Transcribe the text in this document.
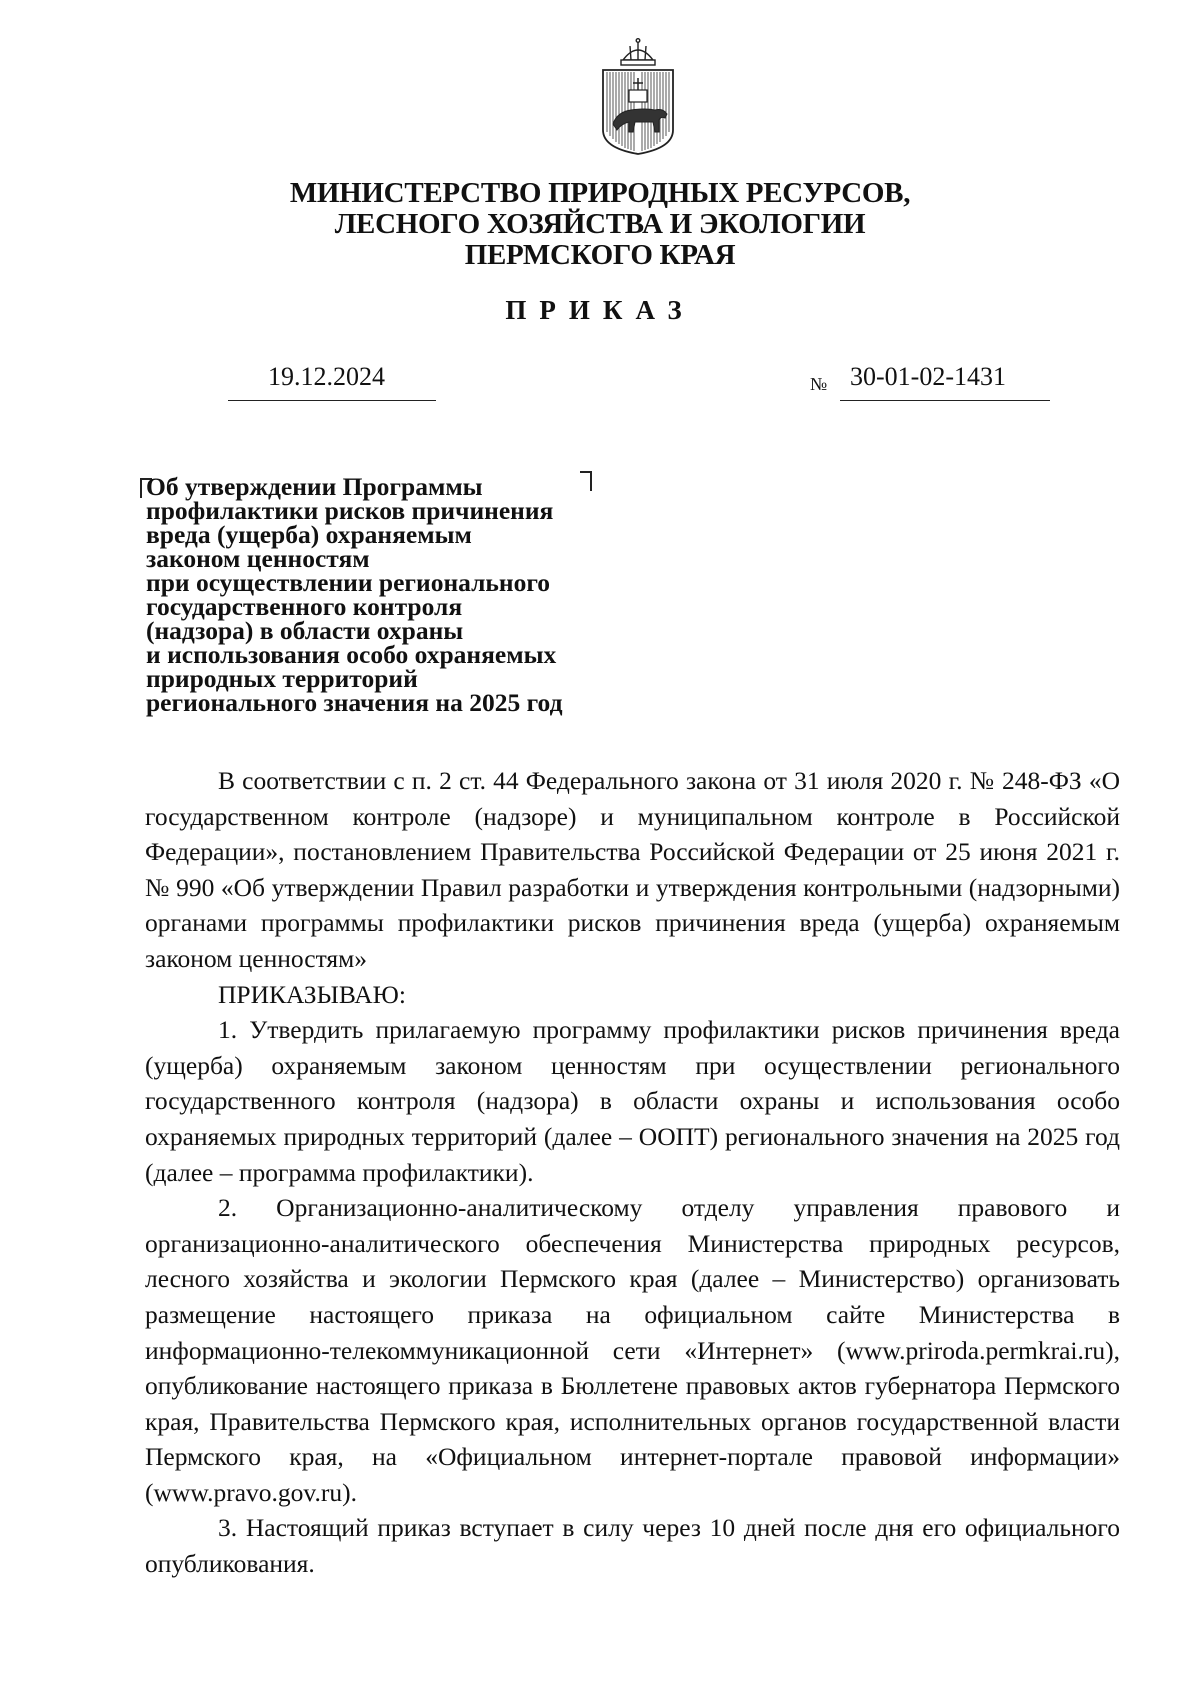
МИНИСТЕРСТВО ПРИРОДНЫХ РЕСУРСОВ,
ЛЕСНОГО ХОЗЯЙСТВА И ЭКОЛОГИИ
ПЕРМСКОГО КРАЯ
ПРИКАЗ
19.12.2024	№ 30-01-02-1431
Об утверждении Программы
профилактики рисков причинения
вреда (ущерба) охраняемым
законом ценностям
при осуществлении регионального
государственного контроля
(надзора) в области охраны
и использования особо охраняемых
природных территорий
регионального значения на 2025 год

В соответствии с п. 2 ст. 44 Федерального закона от 31 июля 2020 г. № 248-ФЗ «О государственном контроле (надзоре) и муниципальном контроле в Российской Федерации», постановлением Правительства Российской Федерации от 25 июня 2021 г. № 990 «Об утверждении Правил разработки и утверждения контрольными (надзорными) органами программы профилактики рисков причинения вреда (ущерба) охраняемым законом ценностям»

ПРИКАЗЫВАЮ:

1. Утвердить прилагаемую программу профилактики рисков причинения вреда (ущерба) охраняемым законом ценностям при осуществлении регионального государственного контроля (надзора) в области охраны и использования особо охраняемых природных территорий (далее – ООПТ) регионального значения на 2025 год (далее – программа профилактики).

2. Организационно-аналитическому отделу управления правового и организационно-аналитического обеспечения Министерства природных ресурсов, лесного хозяйства и экологии Пермского края (далее – Министерство) организовать размещение настоящего приказа на официальном сайте Министерства в информационно-телекоммуникационной сети «Интернет» (www.priroda.permkrai.ru), опубликование настоящего приказа в Бюллетене правовых актов губернатора Пермского края, Правительства Пермского края, исполнительных органов государственной власти Пермского края, на «Официальном интернет-портале правовой информации» (www.pravo.gov.ru).

3. Настоящий приказ вступает в силу через 10 дней после дня его официального опубликования.
